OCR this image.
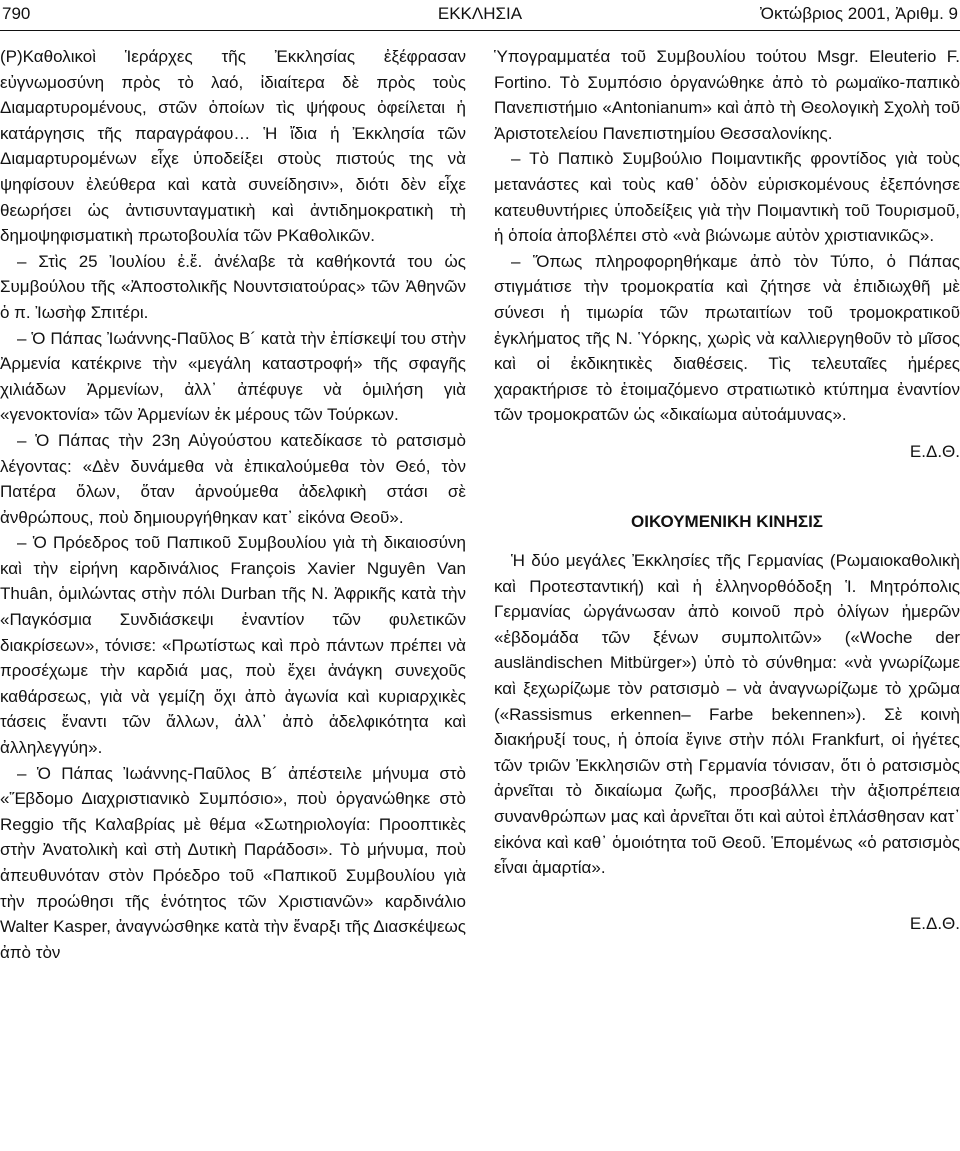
790	ΕΚΚΛΗΣΙΑ	Ὀκτώβριος 2001, Ἀριθμ. 9

(Ρ)Καθολικοὶ Ἱεράρχες τῆς Ἐκκλησίας ἐξέφρασαν εὐγνωμοσύνη πρὸς τὸ λαό, ἰδιαίτερα δὲ πρὸς τοὺς Διαμαρτυρομένους, στῶν ὁποίων τὶς ψήφους ὀφείλεται ἡ κατάργησις τῆς παραγράφου… Ἡ ἴδια ἡ Ἐκκλησία τῶν Διαμαρτυρομένων εἶχε ὑποδείξει στοὺς πιστούς της νὰ ψηφίσουν ἐλεύθερα καὶ κατὰ συνείδησιν», διότι δὲν εἶχε θεωρήσει ὡς ἀντισυνταγματικὴ καὶ ἀντιδημοκρατικὴ τὴ δημοψηφισματικὴ πρωτοβουλία τῶν ΡΚαθολικῶν.

– Στὶς 25 Ἰουλίου ἐ.ἔ. ἀνέλαβε τὰ καθήκοντά του ὡς Συμβούλου τῆς «Ἀποστολικῆς Νουντσιατούρας» τῶν Ἀθηνῶν ὁ π. Ἰωσὴφ Σπιτέρι.

– Ὁ Πάπας Ἰωάννης-Παῦλος Β´ κατὰ τὴν ἐπίσκεψί του στὴν Ἀρμενία κατέκρινε τὴν «μεγάλη καταστροφή» τῆς σφαγῆς χιλιάδων Ἀρμενίων, ἀλλ᾽ ἀπέφυγε νὰ ὁμιλήση γιὰ «γενοκτονία» τῶν Ἀρμενίων ἐκ μέρους τῶν Τούρκων.

– Ὁ Πάπας τὴν 23η Αὐγούστου κατεδίκασε τὸ ρατσισμὸ λέγοντας: «Δὲν δυνάμεθα νὰ ἐπικαλούμεθα τὸν Θεό, τὸν Πατέρα ὅλων, ὅταν ἀρνούμεθα ἀδελφικὴ στάσι σὲ ἀνθρώπους, ποὺ δημιουργήθηκαν κατ᾽ εἰκόνα Θεοῦ».

– Ὁ Πρόεδρος τοῦ Παπικοῦ Συμβουλίου γιὰ τὴ δικαιοσύνη καὶ τὴν εἰρήνη καρδινάλιος François Xavier Nguyên Van Thuân, ὁμιλώντας στὴν πόλι Durban τῆς Ν. Ἀφρικῆς κατὰ τὴν «Παγκόσμια Συνδιάσκεψι ἐναντίον τῶν φυλετικῶν διακρίσεων», τόνισε: «Πρωτίστως καὶ πρὸ πάντων πρέπει νὰ προσέχωμε τὴν καρδιά μας, ποὺ ἔχει ἀνάγκη συνεχοῦς καθάρσεως, γιὰ νὰ γεμίζη ὄχι ἀπὸ ἀγωνία καὶ κυριαρχικὲς τάσεις ἔναντι τῶν ἄλλων, ἀλλ᾽ ἀπὸ ἀδελφικότητα καὶ ἀλληλεγγύη».

– Ὁ Πάπας Ἰωάννης-Παῦλος Β´ ἀπέστειλε μήνυμα στὸ «Ἕβδομο Διαχριστιανικὸ Συμπόσιο», ποὺ ὀργανώθηκε στὸ Reggio τῆς Καλαβρίας μὲ θέμα «Σωτηριολογία: Προοπτικὲς στὴν Ἀνατολικὴ καὶ στὴ Δυτικὴ Παράδοσι». Τὸ μήνυμα, ποὺ ἀπευθυνόταν στὸν Πρόεδρο τοῦ «Παπικοῦ Συμβουλίου γιὰ τὴν προώθησι τῆς ἑνότητος τῶν Χριστιανῶν» καρδινάλιο Walter Kasper, ἀναγνώσθηκε κατὰ τὴν ἔναρξι τῆς Διασκέψεως ἀπὸ τὸν

Ὑπογραμματέα τοῦ Συμβουλίου τούτου Msgr. Eleuterio F. Fortino. Τὸ Συμπόσιο ὀργανώθηκε ἀπὸ τὸ ρωμαϊκο-παπικὸ Πανεπιστήμιο «Antonianum» καὶ ἀπὸ τὴ Θεολογικὴ Σχολὴ τοῦ Ἀριστοτελείου Πανεπιστημίου Θεσσαλονίκης.

– Τὸ Παπικὸ Συμβούλιο Ποιμαντικῆς φροντίδος γιὰ τοὺς μετανάστες καὶ τοὺς καθ᾽ ὁδὸν εὑρισκομένους ἐξεπόνησε κατευθυντήριες ὑποδείξεις γιὰ τὴν Ποιμαντικὴ τοῦ Τουρισμοῦ, ἡ ὁποία ἀποβλέπει στὸ «νὰ βιώνωμε αὐτὸν χριστιανικῶς».

– Ὅπως πληροφορηθήκαμε ἀπὸ τὸν Τύπο, ὁ Πάπας στιγμάτισε τὴν τρομοκρατία καὶ ζήτησε νὰ ἐπιδιωχθῆ μὲ σύνεσι ἡ τιμωρία τῶν πρωταιτίων τοῦ τρομοκρατικοῦ ἐγκλήματος τῆς Ν. Ὑόρκης, χωρὶς νὰ καλλιεργηθοῦν τὸ μῖσος καὶ οἱ ἐκδικητικὲς διαθέσεις. Τὶς τελευταῖες ἡμέρες χαρακτήρισε τὸ ἑτοιμαζόμενο στρατιωτικὸ κτύπημα ἐναντίον τῶν τρομοκρατῶν ὡς «δικαίωμα αὐτοάμυνας».

Ε.Δ.Θ.

ΟΙΚΟΥΜΕΝΙΚΗ ΚΙΝΗΣΙΣ

Ἡ δύο μεγάλες Ἐκκλησίες τῆς Γερμανίας (Ρωμαιοκαθολικὴ καὶ Προτεσταντική) καὶ ἡ ἑλληνορθόδοξη Ἱ. Μητρόπολις Γερμανίας ὠργάνωσαν ἀπὸ κοινοῦ πρὸ ὀλίγων ἡμερῶν «ἑβδομάδα τῶν ξένων συμπολιτῶν» («Woche der ausländischen Mitbürger») ὑπὸ τὸ σύνθημα: «νὰ γνωρίζωμε καὶ ξεχωρίζωμε τὸν ρατσισμὸ – νὰ ἀναγνωρίζωμε τὸ χρῶμα («Rassismus erkennen– Farbe bekennen»). Σὲ κοινὴ διακήρυξί τους, ἡ ὁποία ἔγινε στὴν πόλι Frankfurt, οἱ ἡγέτες τῶν τριῶν Ἐκκλησιῶν στὴ Γερμανία τόνισαν, ὅτι ὁ ρατσισμὸς ἀρνεῖται τὸ δικαίωμα ζωῆς, προσβάλλει τὴν ἀξιοπρέπεια συνανθρώπων μας καὶ ἀρνεῖται ὅτι καὶ αὐτοὶ ἐπλάσθησαν κατ᾽ εἰκόνα καὶ καθ᾽ ὁμοιότητα τοῦ Θεοῦ. Ἑπομένως «ὁ ρατσισμὸς εἶναι ἁμαρτία».

Ε.Δ.Θ.
